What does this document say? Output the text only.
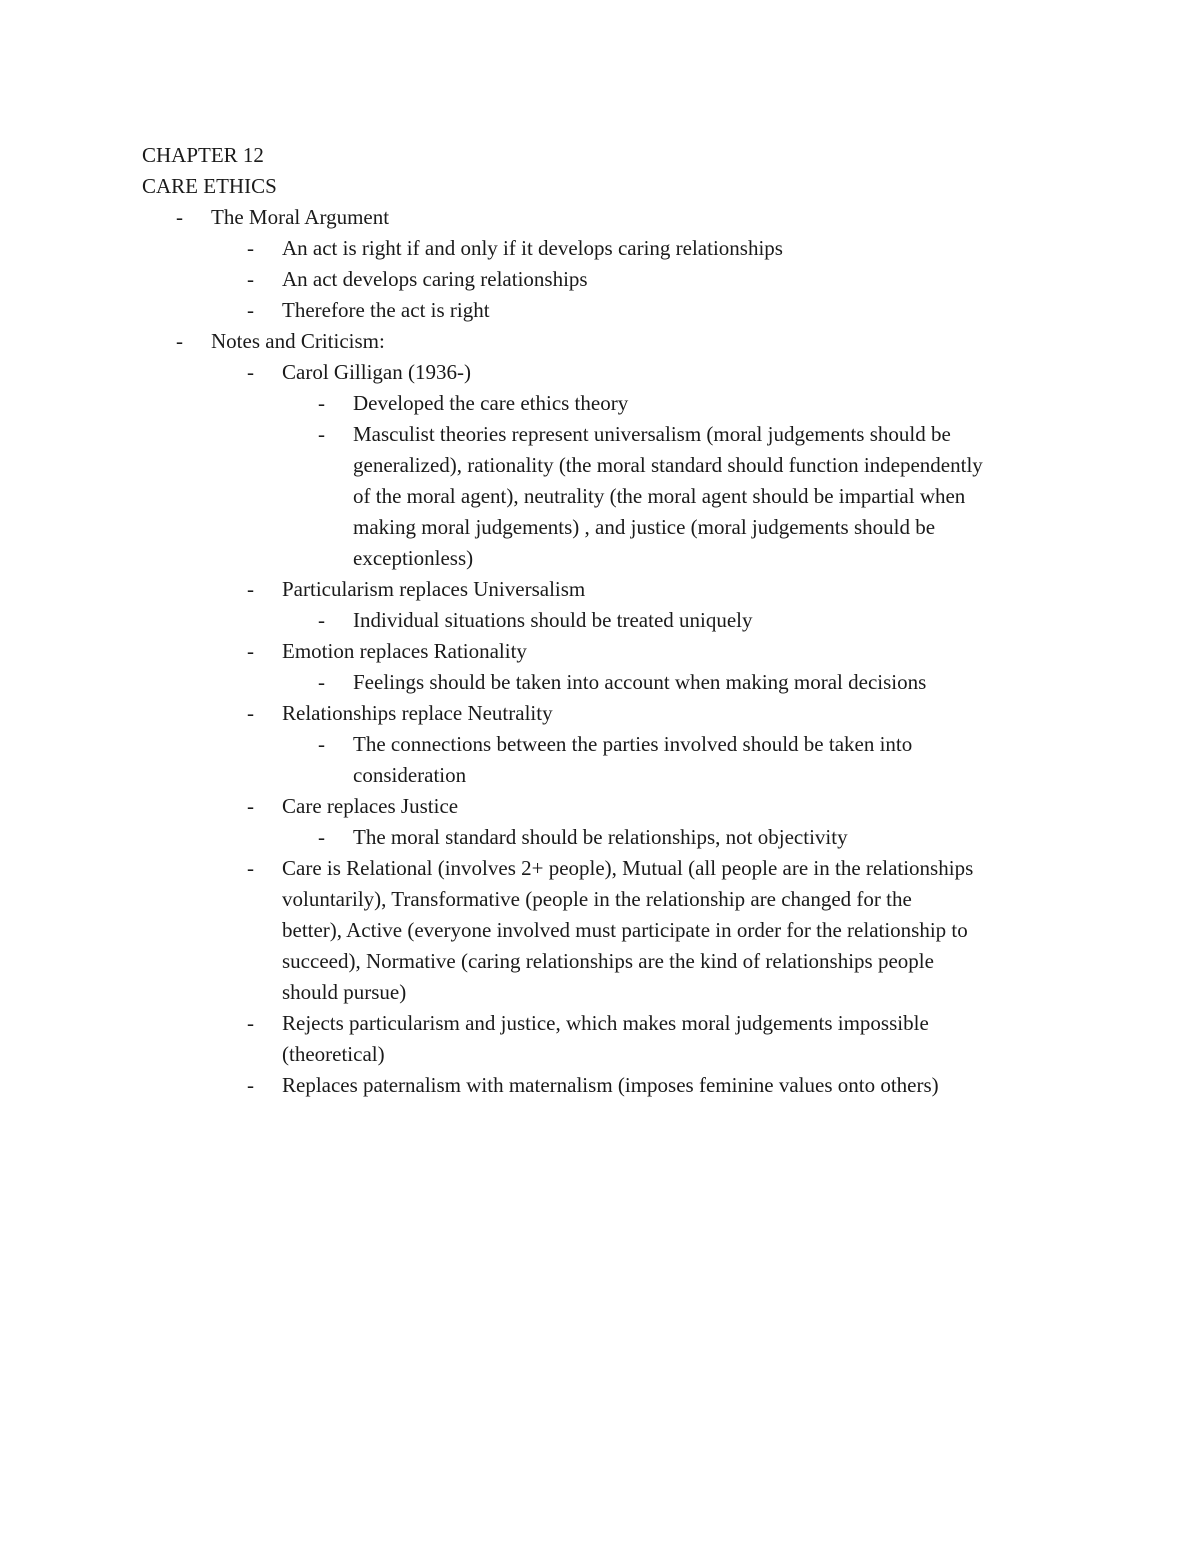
CHAPTER 12
CARE ETHICS
-	The Moral Argument
-	An act is right if and only if it develops caring relationships
-	An act develops caring relationships
-	Therefore the act is right
-	Notes and Criticism:
-	Carol Gilligan (1936-)
-	Developed the care ethics theory
-	Masculist theories represent universalism (moral judgements should be
generalized), rationality (the moral standard should function independently
of the moral agent), neutrality (the moral agent should be impartial when
making moral judgements) , and justice (moral judgements should be
exceptionless)
-	Particularism replaces Universalism
-	Individual situations should be treated uniquely
-	Emotion replaces Rationality
-	Feelings should be taken into account when making moral decisions
-	Relationships replace Neutrality
-	The connections between the parties involved should be taken into
consideration
-	Care replaces Justice
-	The moral standard should be relationships, not objectivity
-	Care is Relational (involves 2+ people), Mutual (all people are in the relationships
voluntarily), Transformative (people in the relationship are changed for the
better), Active (everyone involved must participate in order for the relationship to
succeed), Normative (caring relationships are the kind of relationships people
should pursue)
-	Rejects particularism and justice, which makes moral judgements impossible
(theoretical)
-	Replaces paternalism with maternalism (imposes feminine values onto others)
